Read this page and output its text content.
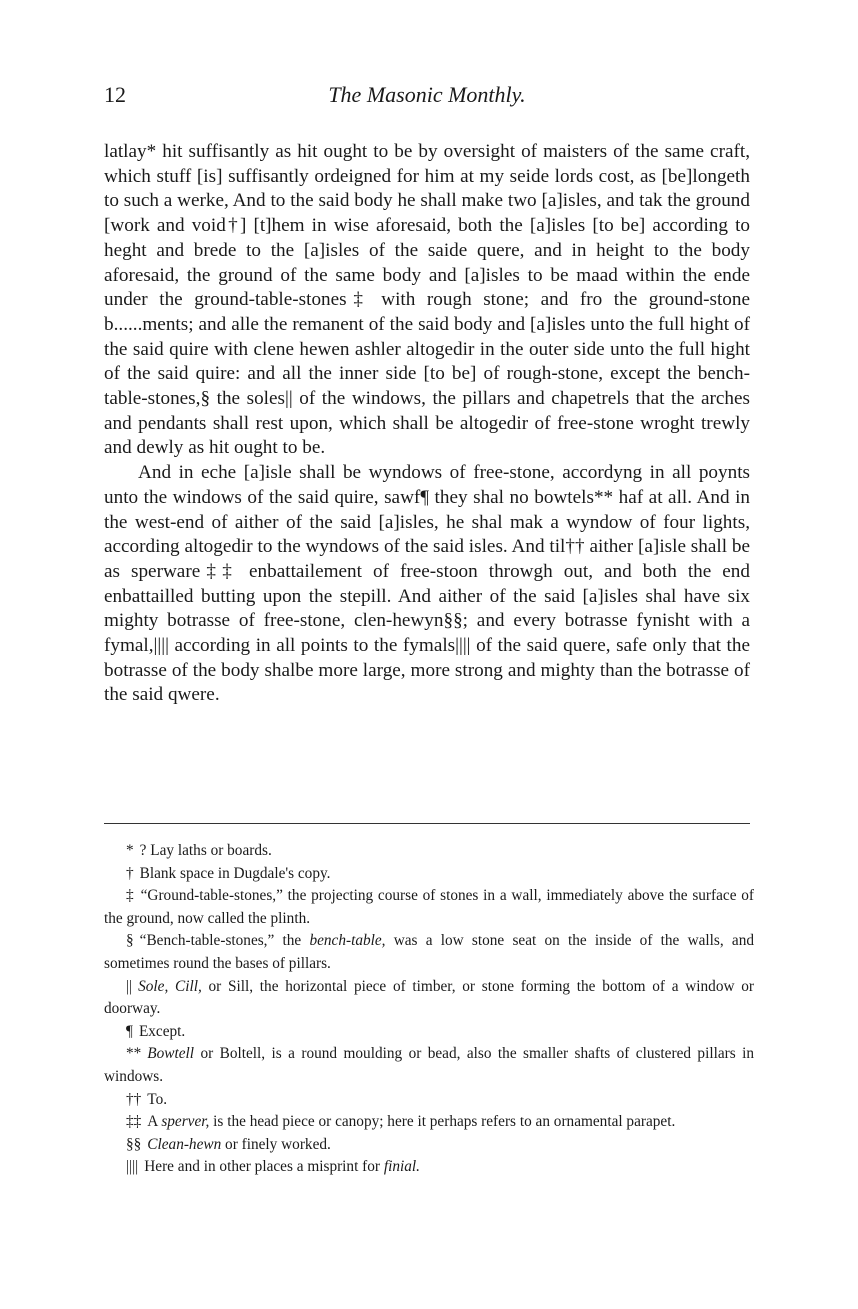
12	The Masonic Monthly.

latlay* hit suffisantly as hit ought to be by oversight of maisters of the same craft, which stuff [is] suffisantly ordeigned for him at my seide lords cost, as [be]longeth to such a werke, And to the said body he shall make two [a]isles, and tak the ground [work and void†] [t]hem in wise aforesaid, both the [a]isles [to be] according to heght and brede to the [a]isles of the saide quere, and in height to the body aforesaid, the ground of the same body and [a]isles to be maad within the ende under the ground-table-stones‡ with rough stone; and fro the ground-stone b......ments; and alle the remanent of the said body and [a]isles unto the full hight of the said quire with clene hewen ashler altogedir in the outer side unto the full hight of the said quire: and all the inner side [to be] of rough-stone, except the bench-table-stones,§ the soles|| of the windows, the pillars and chapetrels that the arches and pendants shall rest upon, which shall be altogedir of free-stone wroght trewly and dewly as hit ought to be.

And in eche [a]isle shall be wyndows of free-stone, accordyng in all poynts unto the windows of the said quire, sawf¶ they shal no bowtels** haf at all. And in the west-end of aither of the said [a]isles, he shal mak a wyndow of four lights, according altogedir to the wyndows of the said isles. And til†† aither [a]isle shall be as sperware‡‡ enbattailement of free-stoon throwgh out, and both the end enbattailled butting upon the stepill. And aither of the said [a]isles shal have six mighty botrasse of free-stone, clen-hewyn§§; and every botrasse fynisht with a fymal,|||| according in all points to the fymals|||| of the said quere, safe only that the botrasse of the body shalbe more large, more strong and mighty than the botrasse of the said qwere.

* ? Lay laths or boards.

† Blank space in Dugdale's copy.

‡ “Ground-table-stones,” the projecting course of stones in a wall, immediately above the surface of the ground, now called the plinth.

§ “Bench-table-stones,” the bench-table, was a low stone seat on the inside of the walls, and sometimes round the bases of pillars.

|| Sole, Cill, or Sill, the horizontal piece of timber, or stone forming the bottom of a window or doorway.

¶ Except.

** Bowtell or Boltell, is a round moulding or bead, also the smaller shafts of clustered pillars in windows.

†† To.

‡‡ A sperver, is the head piece or canopy; here it perhaps refers to an ornamental parapet.

§§ Clean-hewn or finely worked.

|||| Here and in other places a misprint for finial.
